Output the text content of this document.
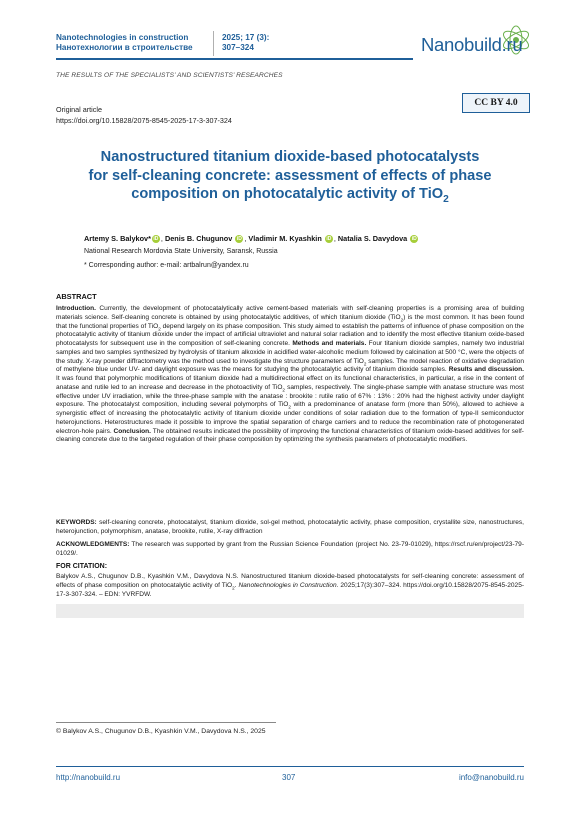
Nanotechnologies in construction
Нанотехнологии в строительстве
2025; 17 (3):
307–324	Nanobuild.ru
THE RESULTS OF THE SPECIALISTS’ AND SCIENTISTS’ RESEARCHES
CC BY 4.0
Original article
https://doi.org/10.15828/2075-8545-2025-17-3-307-324
Nanostructured titanium dioxide-based photocatalysts
for self-cleaning concrete: assessment of effects of phase
composition on photocatalytic activity of TiO$_2$
Artemy S. Balykov* iD , Denis B. Chugunov iD , Vladimir M. Kyashkin iD , Natalia S. Davydova iD
National Research Mordovia State University, Saransk, Russia
* Corresponding author: e-mail: artbalrun@yandex.ru
ABSTRACT
Introduction. Currently, the development of photocatalytically active cement-based materials with self-cleaning properties is a promising area of building materials science. Self-cleaning concrete is obtained by using photocatalytic additives, of which titanium dioxide (TiO$_2$) is the most common. It has been found that the functional properties of TiO$_2$ depend largely on its phase composition. This study aimed to establish the patterns of influence of phase composition on the photocatalytic activity of titanium dioxide under the impact of artificial ultraviolet and natural solar radiation and to identify the most effective titanium oxide-based photocatalysts for subsequent use in the composition of self-cleaning concrete. Methods and materials. Four titanium dioxide samples, namely two industrial samples and two samples synthesized by hydrolysis of titanium alkoxide in acidified water-alcoholic medium followed by calcination at 500 °C, were the objects of the study. X-ray powder diffractometry was the method used to investigate the structure parameters of TiO$_2$ samples. The model reaction of oxidative degradation of methylene blue under UV- and daylight exposure was the means for studying the photocatalytic activity of titanium dioxide samples. Results and discussion. It was found that polymorphic modifications of titanium dioxide had a multidirectional effect on its functional characteristics, in particular, a rise in the content of anatase and rutile led to an increase and decrease in the photoactivity of TiO$_2$ samples, respectively. The single-phase sample with anatase structure was most effective under UV irradiation, while the three-phase sample with the anatase : brookite : rutile ratio of 67% : 13% : 20% had the highest activity under daylight exposure. The photocatalyst composition, including several polymorphs of TiO$_2$ with a predominance of anatase form (more than 50%), allowed to achieve a synergistic effect of increasing the photocatalytic activity of titanium dioxide under conditions of solar radiation due to the formation of type-II semiconductor heterojunctions. Heterostructures made it possible to improve the spatial separation of charge carriers and to reduce the recombination rate of photogenerated electron-hole pairs. Conclusion. The obtained results indicated the possibility of improving the functional characteristics of titanium oxide-based additives for self-cleaning concrete due to the targeted regulation of their phase composition by optimizing the synthesis parameters of photocatalytic modifiers.
KEYWORDS: self-cleaning concrete, photocatalyst, titanium dioxide, sol-gel method, photocatalytic activity, phase composition, crystallite size, nanostructures, heterojunction, polymorphism, anatase, brookite, rutile, X-ray diffraction
ACKNOWLEDGMENTS: The research was supported by grant from the Russian Science Foundation (project No. 23-79-01029), https://rscf.ru/en/project/23-79-01029/.
FOR CITATION:
Balykov A.S., Chugunov D.B., Kyashkin V.M., Davydova N.S. Nanostructured titanium dioxide-based photocatalysts for self-cleaning concrete: assessment of effects of phase composition on photocatalytic activity of TiO$_2$. Nanotechnologies in Construction. 2025;17(3):307–324. https://doi.org/10.15828/2075-8545-2025-17-3-307-324. – EDN: YVRFDW.
© Balykov A.S., Chugunov D.B., Kyashkin V.M., Davydova N.S., 2025
http://nanobuild.ru	307	info@nanobuild.ru
